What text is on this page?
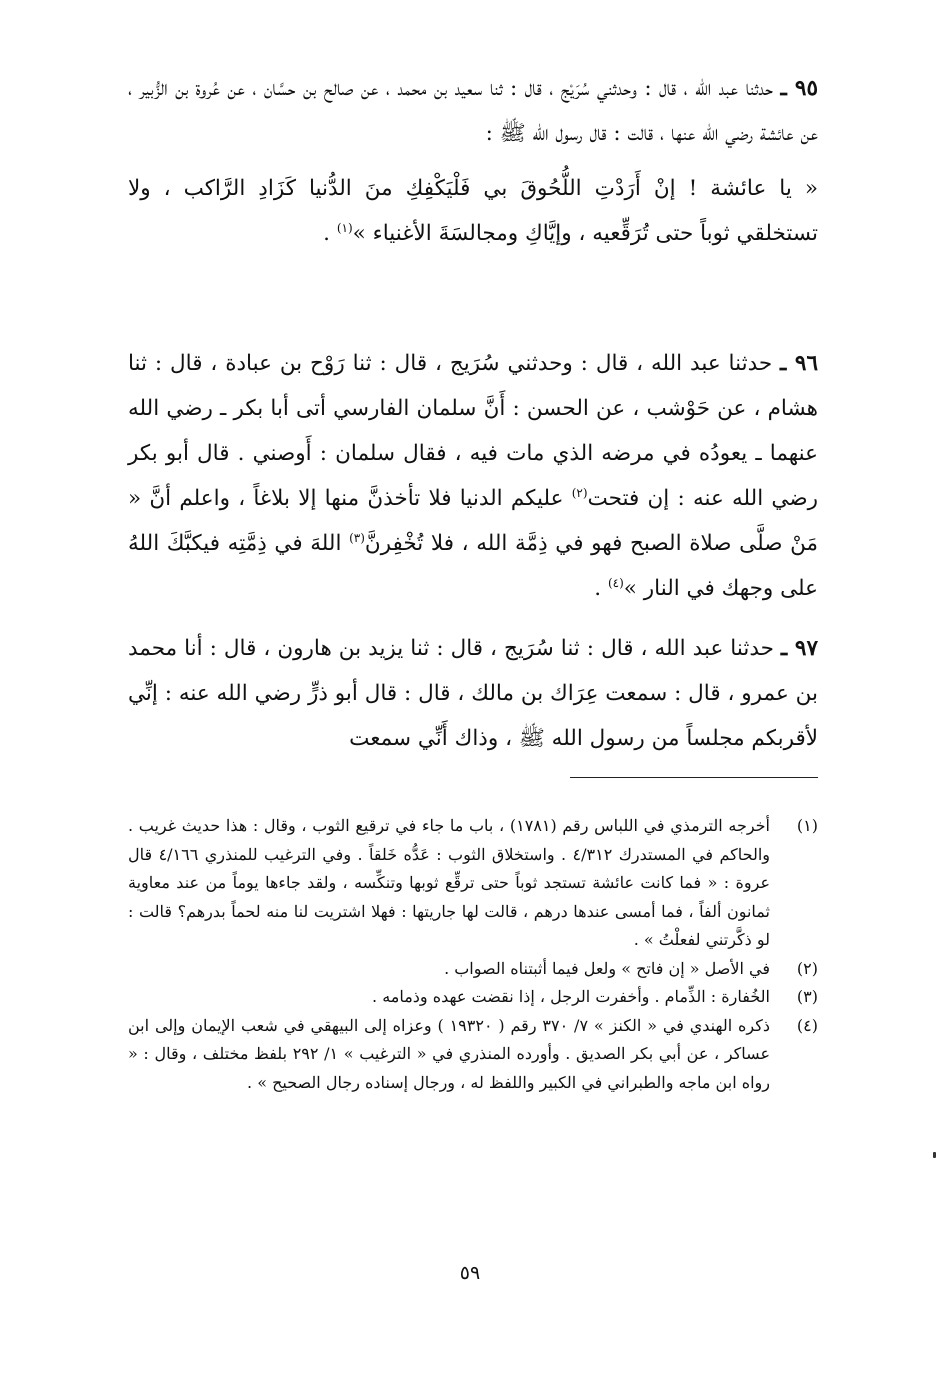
٩٥ ـ حدثنا عبد الله ، قال : وحدثني سُرَيْج ، قال : ثنا سعيد بن محمد ، عن صالح بن حسَّان ، عن عُروة بن الزُّبير ، عن عائشة رضي الله عنها ، قالت : قال رسول الله ﷺ :
« يا عائشة ! إنْ أَرَدْتِ اللُّحُوقَ بي فَلْيَكْفِكِ منَ الدُّنيا كَزَادِ الرَّاكب ، ولا تستخلقي ثوباً حتى تُرَقِّعيه ، وإيَّاكِ ومجالسَةَ الأغنياء »$^{(١)}$ .
٩٦ ـ حدثنا عبد الله ، قال : وحدثني سُرَيج ، قال : ثنا رَوْح بن عبادة ، قال : ثنا هشام ، عن حَوْشب ، عن الحسن : أَنَّ سلمان الفارسي أتى أبا بكر ـ رضي الله عنهما ـ يعودُه في مرضه الذي مات فيه ، فقال سلمان : أَوصني . قال أبو بكر رضي الله عنه : إن فتحت$^{(٢)}$ عليكم الدنيا فلا تأخذنَّ منها إلا بلاغاً ، واعلم أنَّ « مَنْ صلَّى صلاة الصبح فهو في ذِمَّة الله ، فلا تُخْفِرنَّ$^{(٣)}$ اللهَ في ذِمَّتِه فيكبَّكَ اللهُ على وجهك في النار »$^{(٤)}$ .
٩٧ ـ حدثنا عبد الله ، قال : ثنا سُرَيج ، قال : ثنا يزيد بن هارون ، قال : أنا محمد بن عمرو ، قال : سمعت عِرَاك بن مالك ، قال : قال أبو ذرٍّ رضي الله عنه : إنِّي لأقربكم مجلساً من رسول الله ﷺ ، وذاك أَنِّي سمعت
(١)
أخرجه الترمذي في اللباس رقم (١٧٨١) ، باب ما جاء في ترقيع الثوب ، وقال : هذا حديث غريب . والحاكم في المستدرك ٤/٣١٢ . واستخلاق الثوب : عَدُّه خَلقاً . وفي الترغيب للمنذري ٤/١٦٦ قال عروة : « فما كانت عائشة تستجد ثوباً حتى ترقِّع ثوبها وتنكِّسه ، ولقد جاءها يوماً من عند معاوية ثمانون ألفاً ، فما أمسى عندها درهم ، قالت لها جاريتها : فهلا اشتريت لنا منه لحماً بدرهم؟ قالت : لو ذكَّرتني لفعلْتُ » .
(٢)
في الأصل « إن فاتح » ولعل فيما أثبتناه الصواب .
(٣)
الخُفارة : الذِّمام . وأخفرت الرجل ، إذا نقضت عهده وذمامه .
(٤)
ذكره الهندي في « الكنز » ٧/ ٣٧٠ رقم ( ١٩٣٢٠ ) وعزاه إلى البيهقي في شعب الإيمان وإلى ابن عساكر ، عن أبي بكر الصديق . وأورده المنذري في « الترغيب » ١/ ٢٩٢ بلفظ مختلف ، وقال : « رواه ابن ماجه والطبراني في الكبير واللفظ له ، ورجال إسناده رجال الصحيح » .
٥٩
